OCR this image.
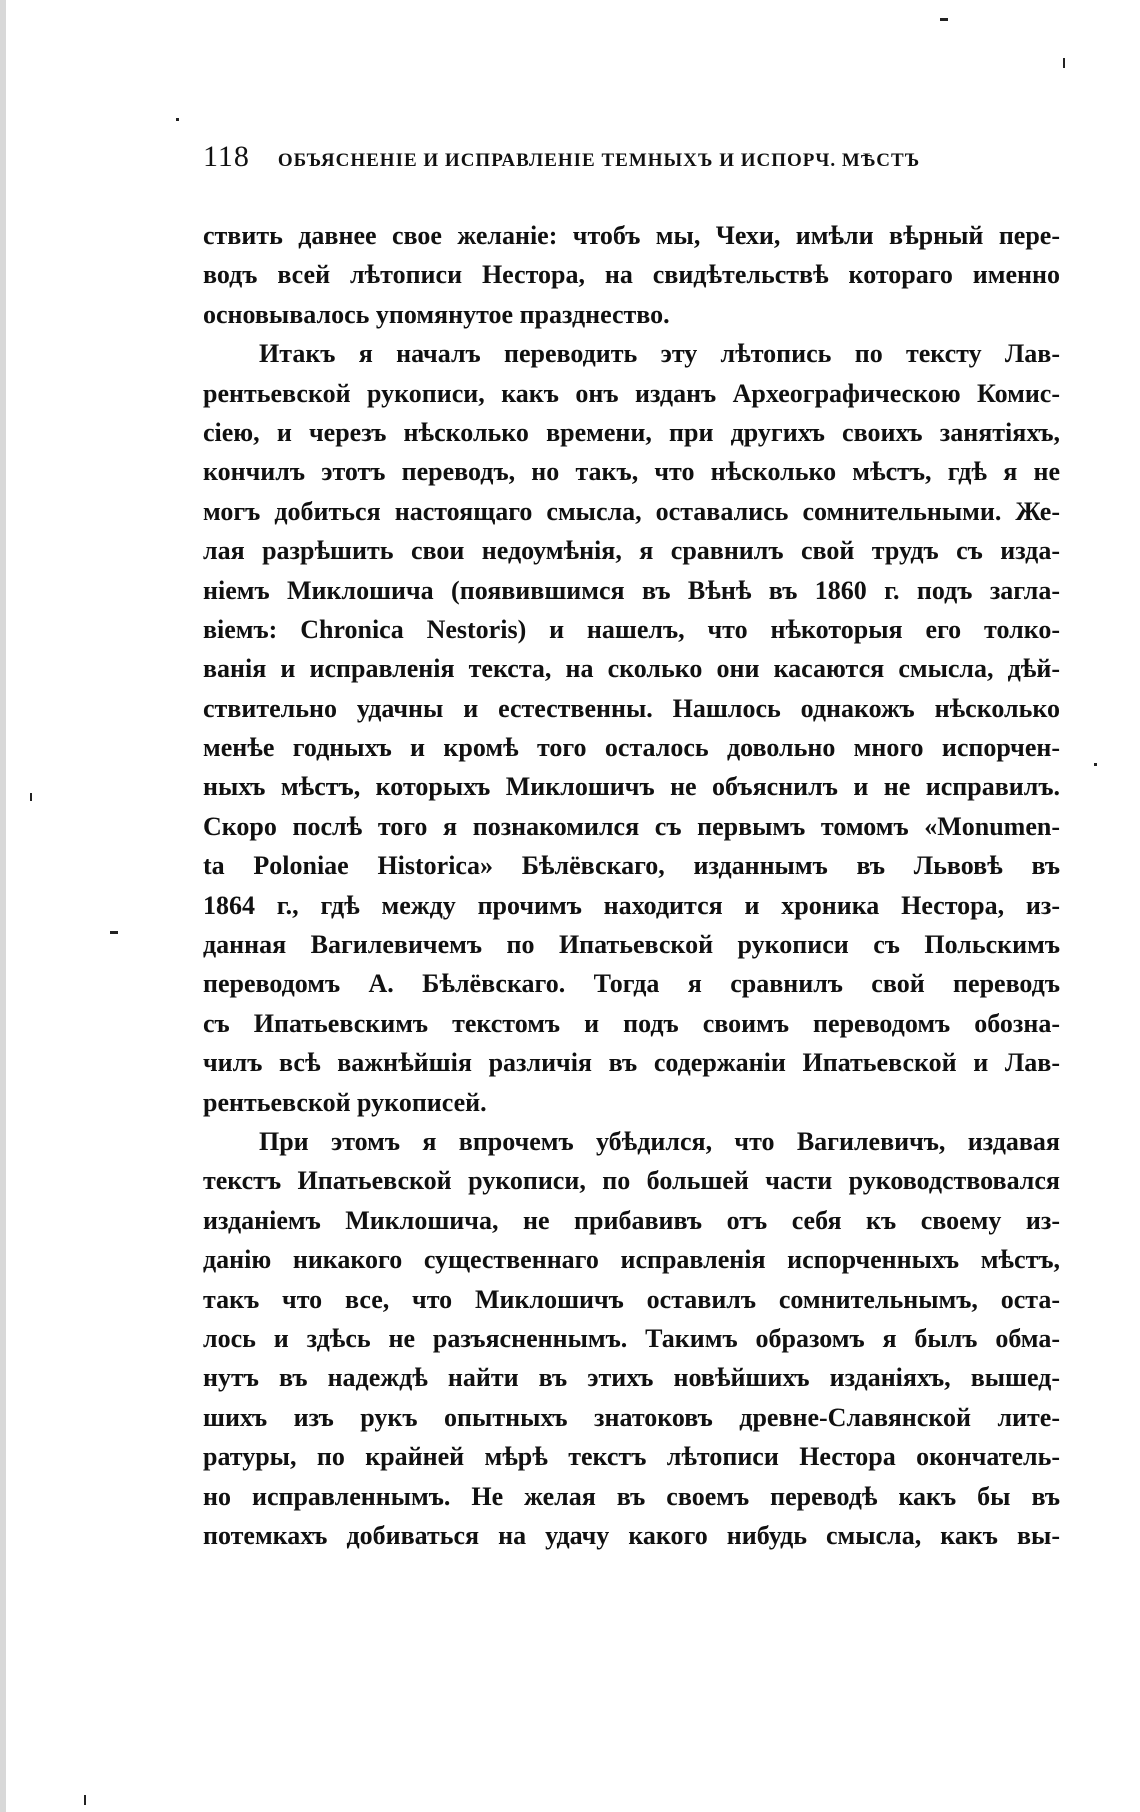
118 ОБЪЯСНЕНІЕ И ИСПРАВЛЕНІЕ ТЕМНЫХЪ И ИСПОРЧ. МѢСТЪ
ствить давнее свое желаніе: чтобъ мы, Чехи, имѣли вѣрный пере-
водъ всей лѣтописи Нестора, на свидѣтельствѣ котораго именно
основывалось упомянутое празднество.
Итакъ я началъ переводить эту лѣтопись по тексту Лав-
рентьевской рукописи, какъ онъ изданъ Археографическою Комис-
сіею, и черезъ нѣсколько времени, при другихъ своихъ занятіяхъ,
кончилъ этотъ переводъ, но такъ, что нѣсколько мѣстъ, гдѣ я не
могъ добиться настоящаго смысла, оставались сомнительными. Же-
лая разрѣшить свои недоумѣнія, я сравнилъ свой трудъ съ изда-
ніемъ Миклошича (появившимся въ Вѣнѣ въ 1860 г. подъ загла-
віемъ: Chronica Nestoris) и нашелъ, что нѣкоторыя его толко-
ванія и исправленія текста, на сколько они касаются смысла, дѣй-
ствительно удачны и естественны. Нашлось однакожъ нѣсколько
менѣе годныхъ и кромѣ того осталось довольно много испорчен-
ныхъ мѣстъ, которыхъ Миклошичъ не объяснилъ и не исправилъ.
Скоро послѣ того я познакомился съ первымъ томомъ «Monumen-
ta Poloniae Historica» Бѣлёвскаго, изданнымъ въ Львовѣ въ
1864 г., гдѣ между прочимъ находится и хроника Нестора, из-
данная Вагилевичемъ по Ипатьевской рукописи съ Польскимъ
переводомъ А. Бѣлёвскаго. Тогда я сравнилъ свой переводъ
съ Ипатьевскимъ текстомъ и подъ своимъ переводомъ обозна-
чилъ всѣ важнѣйшія различія въ содержаніи Ипатьевской и Лав-
рентьевской рукописей.
При этомъ я впрочемъ убѣдился, что Вагилевичъ, издавая
текстъ Ипатьевской рукописи, по большей части руководствовался
изданіемъ Миклошича, не прибавивъ отъ себя къ своему из-
данію никакого существеннаго исправленія испорченныхъ мѣстъ,
такъ что все, что Миклошичъ оставилъ сомнительнымъ, оста-
лось и здѣсь не разъясненнымъ. Такимъ образомъ я былъ обма-
нутъ въ надеждѣ найти въ этихъ новѣйшихъ изданіяхъ, вышед-
шихъ изъ рукъ опытныхъ знатоковъ древне-Славянской лите-
ратуры, по крайней мѣрѣ текстъ лѣтописи Нестора окончатель-
но исправленнымъ. Не желая въ своемъ переводѣ какъ бы въ
потемкахъ добиваться на удачу какого нибудь смысла, какъ вы-
